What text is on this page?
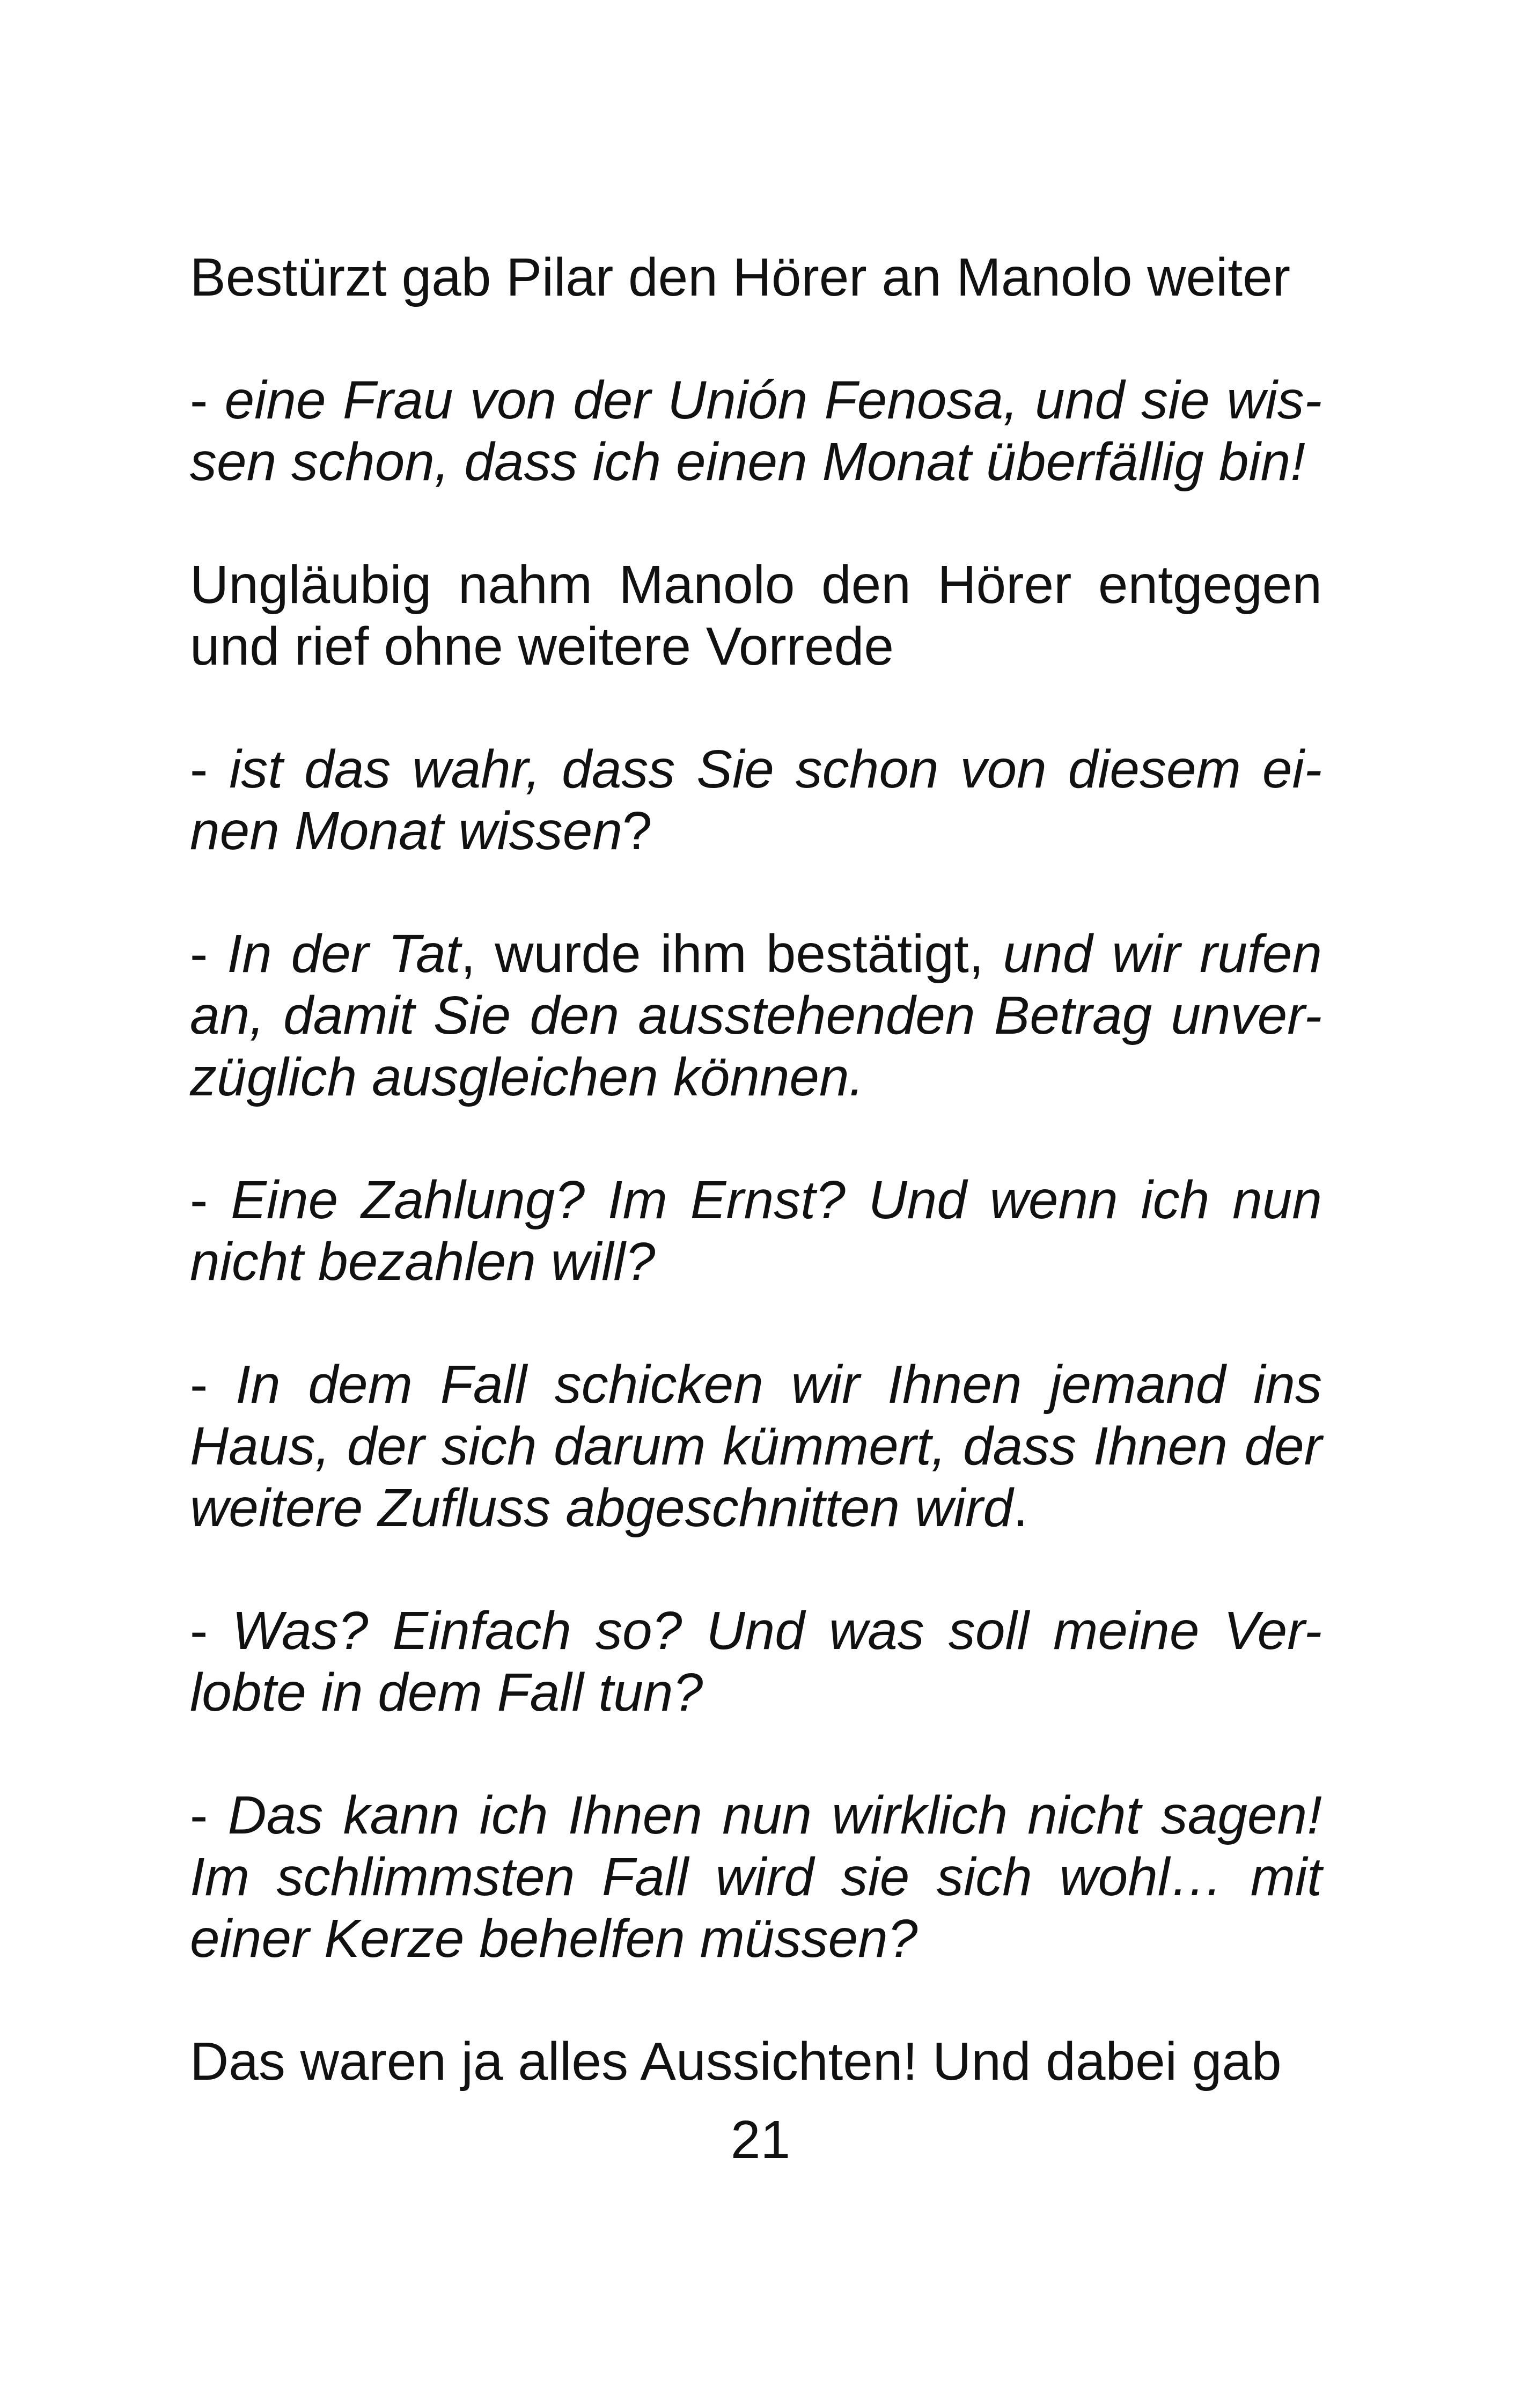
Bestürzt gab Pilar den Hörer an Manolo weiter

- eine Frau von der Unión Fenosa, und sie wis-
sen schon, dass ich einen Monat überfällig bin!

Ungläubig nahm Manolo den Hörer entgegen
und rief ohne weitere Vorrede

- ist das wahr, dass Sie schon von diesem ei-
nen Monat wissen?

- In der Tat, wurde ihm bestätigt, und wir rufen
an, damit Sie den ausstehenden Betrag unver-
züglich ausgleichen können.

- Eine Zahlung? Im Ernst? Und wenn ich nun
nicht bezahlen will?

- In dem Fall schicken wir Ihnen jemand ins
Haus, der sich darum kümmert, dass Ihnen der
weitere Zufluss abgeschnitten wird.

- Was? Einfach so? Und was soll meine Ver-
lobte in dem Fall tun?

- Das kann ich Ihnen nun wirklich nicht sagen!
Im schlimmsten Fall wird sie sich wohl… mit
einer Kerze behelfen müssen?

Das waren ja alles Aussichten! Und dabei gab

21
